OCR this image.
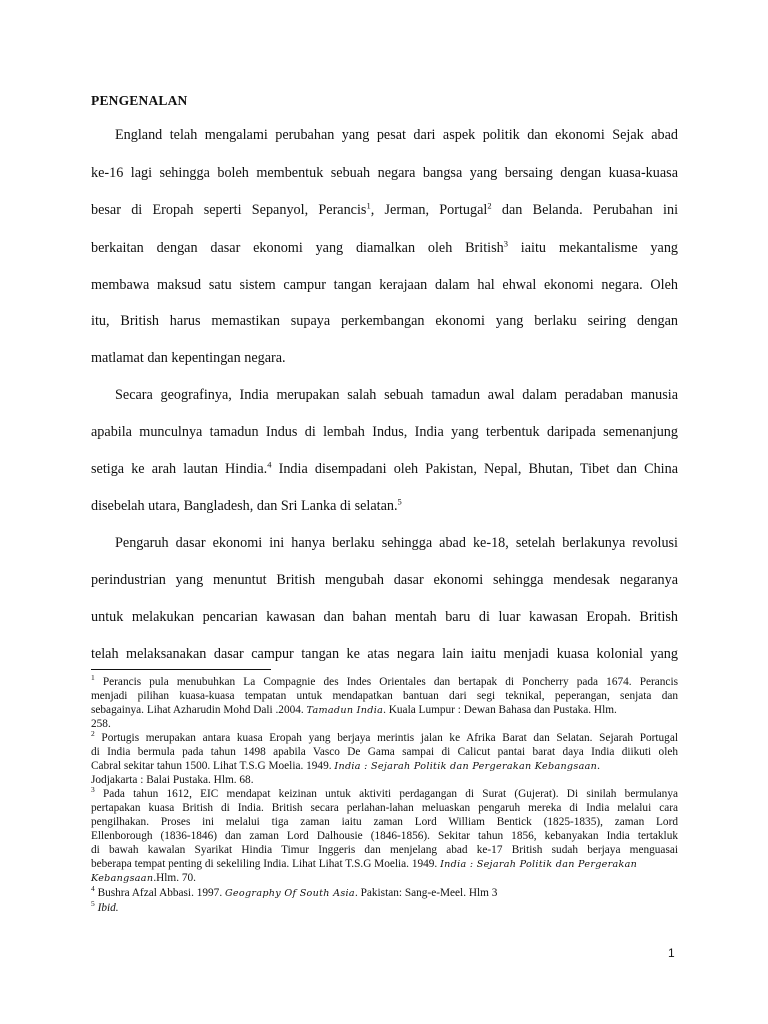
PENGENALAN
England telah mengalami perubahan yang pesat dari aspek politik dan ekonomi Sejak abad
ke-16 lagi sehingga boleh membentuk sebuah negara bangsa yang bersaing dengan kuasa-kuasa
besar di Eropah seperti Sepanyol, Perancis$^1$, Jerman, Portugal$^2$ dan Belanda. Perubahan ini
berkaitan dengan dasar ekonomi yang diamalkan oleh British$^3$ iaitu mekantalisme yang
membawa maksud satu sistem campur tangan kerajaan dalam hal ehwal ekonomi negara. Oleh
itu, British harus memastikan supaya perkembangan ekonomi yang berlaku seiring dengan
matlamat dan kepentingan negara.
Secara geografinya, India merupakan salah sebuah tamadun awal dalam peradaban manusia
apabila munculnya tamadun Indus di lembah Indus, India yang terbentuk daripada semenanjung
setiga ke arah lautan Hindia.$^4$ India disempadani oleh Pakistan, Nepal, Bhutan, Tibet dan China
disebelah utara, Bangladesh, dan Sri Lanka di selatan.$^5$
Pengaruh dasar ekonomi ini hanya berlaku sehingga abad ke-18, setelah berlakunya revolusi
perindustrian yang menuntut British mengubah dasar ekonomi sehingga mendesak negaranya
untuk melakukan pencarian kawasan dan bahan mentah baru di luar kawasan Eropah. British
telah melaksanakan dasar campur tangan ke atas negara lain iaitu menjadi kuasa kolonial yang
$^1$ Perancis pula menubuhkan La Compagnie des Indes Orientales dan bertapak di Poncherry pada 1674. Perancis
menjadi pilihan kuasa-kuasa tempatan untuk mendapatkan bantuan dari segi teknikal, peperangan, senjata dan
sebagainya. Lihat Azharudin Mohd Dali .2004. Tamadun India. Kuala Lumpur : Dewan Bahasa dan Pustaka. Hlm.
258.
$^2$ Portugis merupakan antara kuasa Eropah yang berjaya merintis jalan ke Afrika Barat dan Selatan. Sejarah Portugal
di India bermula pada tahun 1498 apabila Vasco De Gama sampai di Calicut pantai barat daya India diikuti oleh
Cabral sekitar tahun 1500. Lihat T.S.G Moelia. 1949. India : Sejarah Politik dan Pergerakan Kebangsaan.
Jodjakarta : Balai Pustaka. Hlm. 68.
$^3$ Pada tahun 1612, EIC mendapat keizinan untuk aktiviti perdagangan di Surat (Gujerat). Di sinilah bermulanya
pertapakan kuasa British di India. British secara perlahan-lahan meluaskan pengaruh mereka di India melalui cara
pengilhakan. Proses ini melalui tiga zaman iaitu zaman Lord William Bentick (1825-1835), zaman Lord
Ellenborough (1836-1846) dan zaman Lord Dalhousie (1846-1856). Sekitar tahun 1856, kebanyakan India tertakluk
di bawah kawalan Syarikat Hindia Timur Inggeris dan menjelang abad ke-17 British sudah berjaya menguasai
beberapa tempat penting di sekeliling India. Lihat Lihat T.S.G Moelia. 1949. India : Sejarah Politik dan Pergerakan
Kebangsaan.Hlm. 70.
$^4$ Bushra Afzal Abbasi. 1997. Geography Of South Asia. Pakistan: Sang-e-Meel. Hlm 3
$^5$ Ibid.
1
